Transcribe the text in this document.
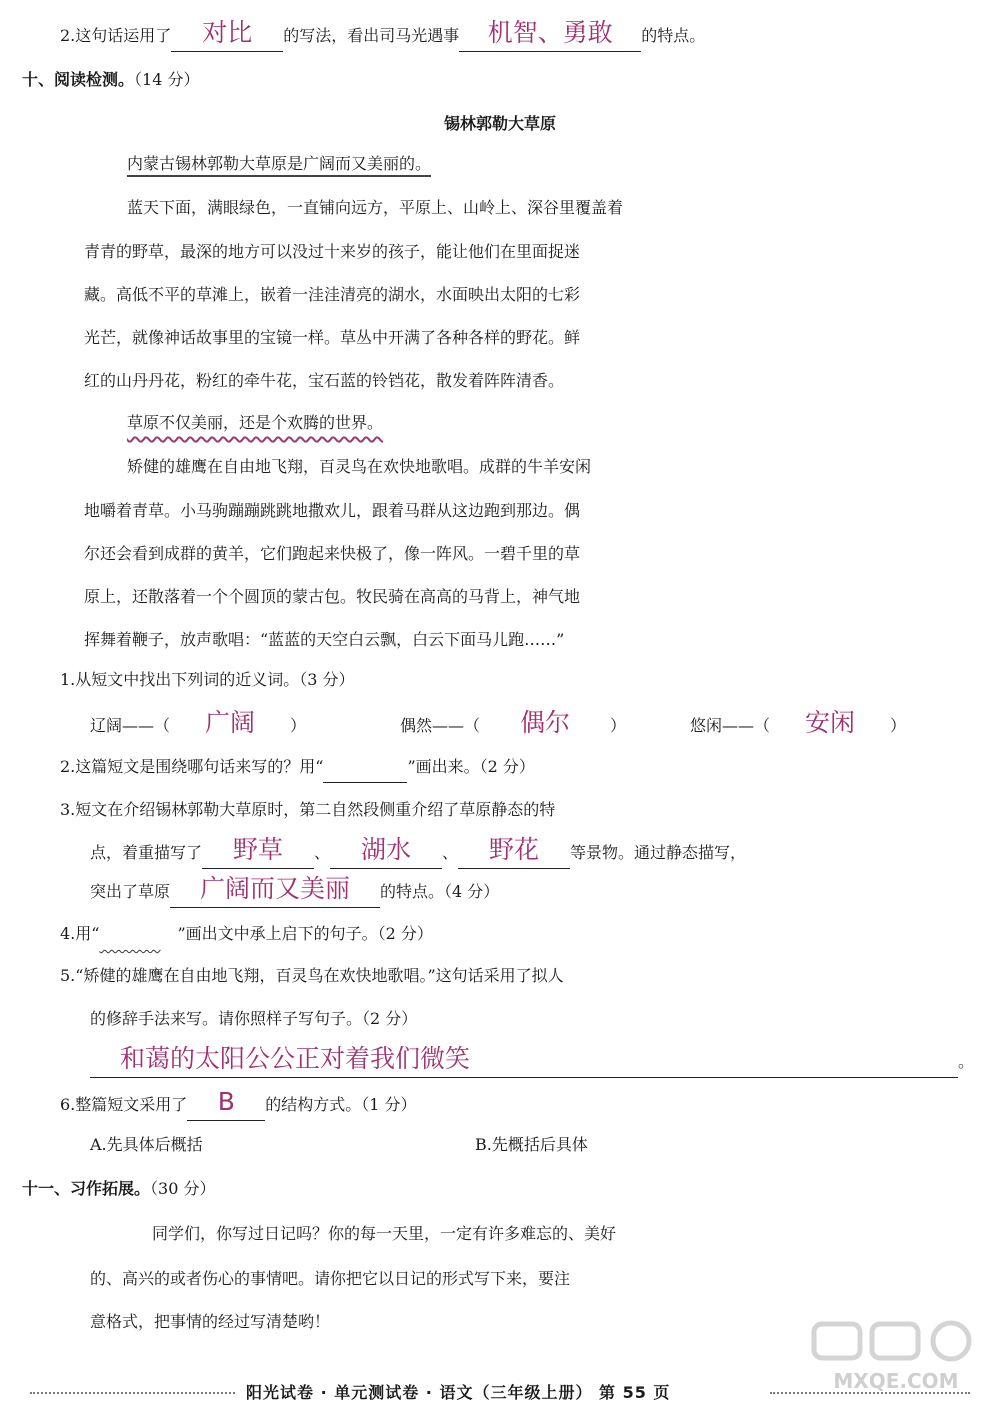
2.这句话运用了 对比 的写法，看出司马光遇事 机智、勇敢 的特点。
十、阅读检测。（14 分）
锡林郭勒大草原
内蒙古锡林郭勒大草原是广阔而又美丽的。
蓝天下面，满眼绿色，一直铺向远方，平原上、山岭上、深谷里覆盖着
青青的野草，最深的地方可以没过十来岁的孩子，能让他们在里面捉迷
藏。高低不平的草滩上，嵌着一洼洼清亮的湖水，水面映出太阳的七彩
光芒，就像神话故事里的宝镜一样。草丛中开满了各种各样的野花。鲜
红的山丹丹花，粉红的牵牛花，宝石蓝的铃铛花，散发着阵阵清香。
草原不仅美丽，还是个欢腾的世界。
矫健的雄鹰在自由地飞翔，百灵鸟在欢快地歌唱。成群的牛羊安闲
地嚼着青草。小马驹蹦蹦跳跳地撒欢儿，跟着马群从这边跑到那边。偶
尔还会看到成群的黄羊，它们跑起来快极了，像一阵风。一碧千里的草
原上，还散落着一个个圆顶的蒙古包。牧民骑在高高的马背上，神气地
挥舞着鞭子，放声歌唱：“蓝蓝的天空白云飘，白云下面马儿跑……”
1.从短文中找出下列词的近义词。（3 分）
辽阔——（ 广阔 ）	偶然——（ 偶尔	）	悠闲——（ 安闲 ）
2.这篇短文是围绕哪句话来写的？用“	”画出来。（2 分）
3.短文在介绍锡林郭勒大草原时，第二自然段侧重介绍了草原静态的特
点，着重描写了 野草 、 湖水 、 野花 等景物。通过静态描写，
突出了草原 广阔而又美丽 的特点。（4 分）
4.用“	”画出文中承上启下的句子。（2 分）
5.“矫健的雄鹰在自由地飞翔，百灵鸟在欢快地歌唱。”这句话采用了拟人
的修辞手法来写。请你照样子写句子。（2 分）
和蔼的太阳公公正对着我们微笑	。
6.整篇短文采用了 B 的结构方式。（1 分）
A.先具体后概括	B.先概括后具体
十一、习作拓展。（30 分）
同学们，你写过日记吗？你的每一天里，一定有许多难忘的、美好
的、高兴的或者伤心的事情吧。请你把它以日记的形式写下来，要注
意格式，把事情的经过写清楚哟！
MXQE.COM
阳光试卷 · 单元测试卷 · 语文（三年级上册） 第 55 页
